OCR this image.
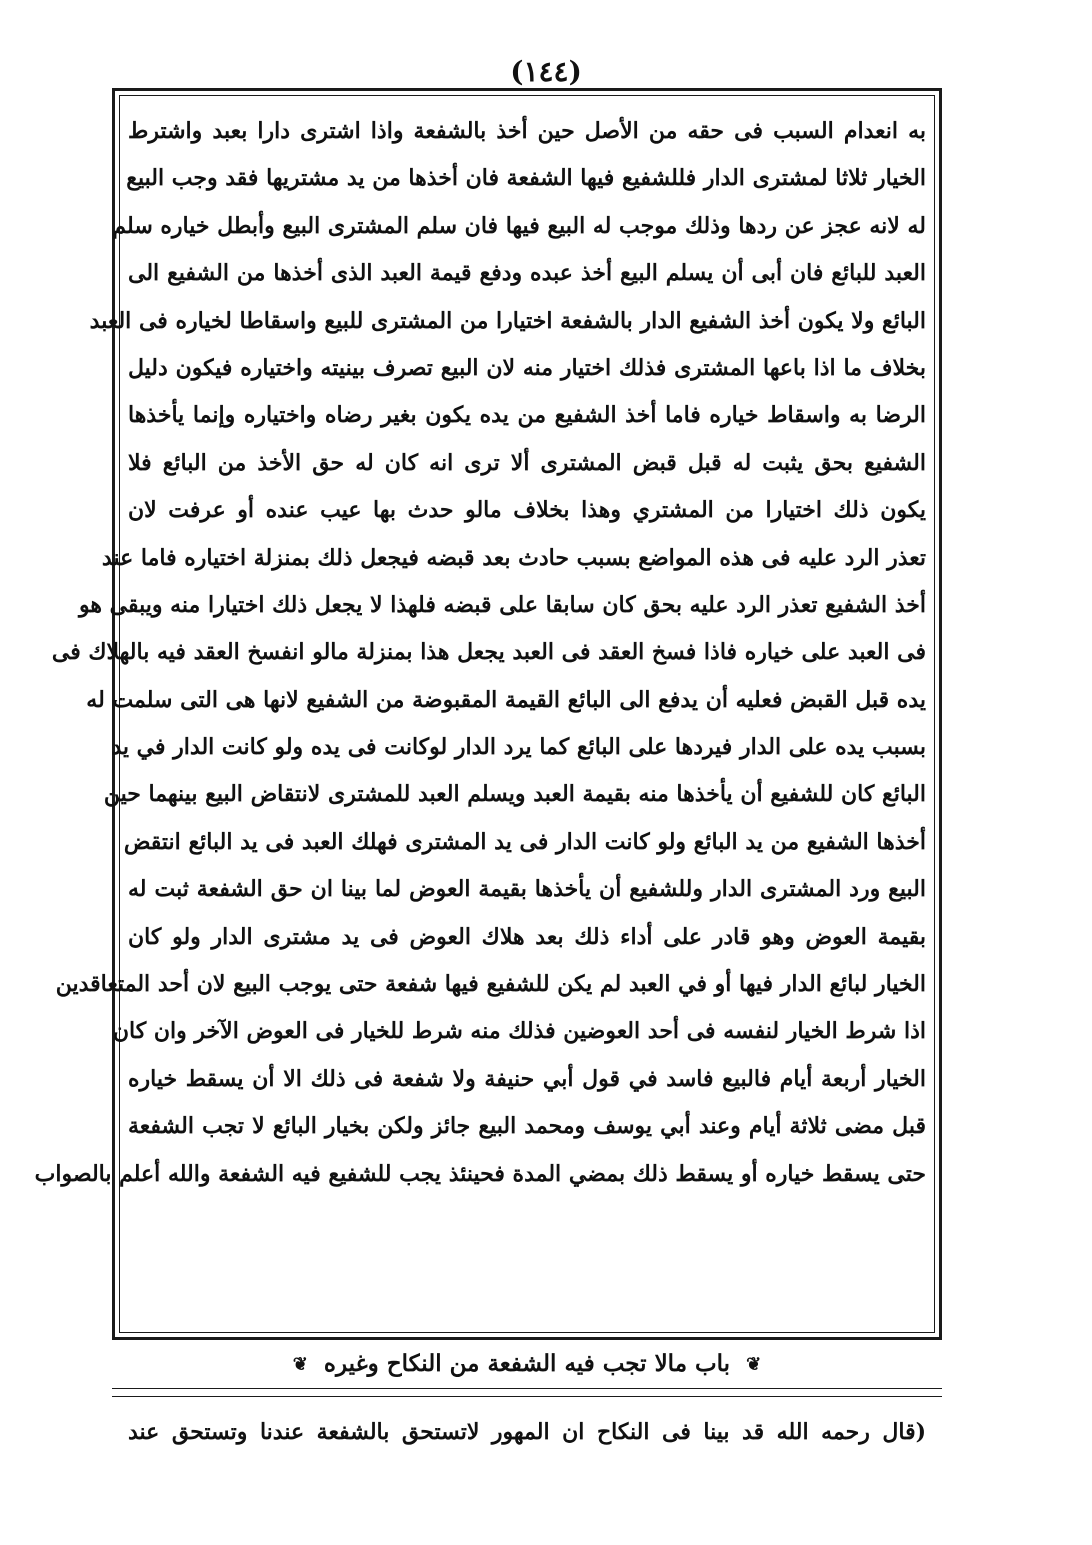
(١٤٤)
به انعدام السبب فى حقه من الأصل حين أخذ بالشفعة واذا اشترى دارا بعبد واشترط
الخيار ثلاثا لمشترى الدار فللشفيع فيها الشفعة فان أخذها من يد مشتريها فقد وجب البيع
له لانه عجز عن ردها وذلك موجب له البيع فيها فان سلم المشترى البيع وأبطل خياره سلم
العبد للبائع فان أبى أن يسلم البيع أخذ عبده ودفع قيمة العبد الذى أخذها من الشفيع الى
البائع ولا يكون أخذ الشفيع الدار بالشفعة اختيارا من المشترى للبيع واسقاطا لخياره فى العبد
بخلاف ما اذا باعها المشترى فذلك اختيار منه لان البيع تصرف بينيته واختياره فيكون دليل
الرضا به واسقاط خياره فاما أخذ الشفيع من يده يكون بغير رضاه واختياره وإنما يأخذها
الشفيع بحق يثبت له قبل قبض المشترى ألا ترى انه كان له حق الأخذ من البائع فلا
يكون ذلك اختيارا من المشتري وهذا بخلاف مالو حدث بها عيب عنده أو عرفت لان
تعذر الرد عليه فى هذه المواضع بسبب حادث بعد قبضه فيجعل ذلك بمنزلة اختياره فاما عند
أخذ الشفيع تعذر الرد عليه بحق كان سابقا على قبضه فلهذا لا يجعل ذلك اختيارا منه ويبقى هو
فى العبد على خياره فاذا فسخ العقد فى العبد يجعل هذا بمنزلة مالو انفسخ العقد فيه بالهلاك فى
يده قبل القبض فعليه أن يدفع الى البائع القيمة المقبوضة من الشفيع لانها هى التى سلمت له
بسبب يده على الدار فيردها على البائع كما يرد الدار لوكانت فى يده ولو كانت الدار في يد
البائع كان للشفيع أن يأخذها منه بقيمة العبد ويسلم العبد للمشترى لانتقاض البيع بينهما حين
أخذها الشفيع من يد البائع ولو كانت الدار فى يد المشترى فهلك العبد فى يد البائع انتقض
البيع ورد المشترى الدار وللشفيع أن يأخذها بقيمة العوض لما بينا ان حق الشفعة ثبت له
بقيمة العوض وهو قادر على أداء ذلك بعد هلاك العوض فى يد مشترى الدار ولو كان
الخيار لبائع الدار فيها أو في العبد لم يكن للشفيع فيها شفعة حتى يوجب البيع لان أحد المتعاقدين
اذا شرط الخيار لنفسه فى أحد العوضين فذلك منه شرط للخيار فى العوض الآخر وان كان
الخيار أربعة أيام فالبيع فاسد في قول أبي حنيفة ولا شفعة فى ذلك الا أن يسقط خياره
قبل مضى ثلاثة أيام وعند أبي يوسف ومحمد البيع جائز ولكن بخيار البائع لا تجب الشفعة
حتى يسقط خياره أو يسقط ذلك بمضي المدة فحينئذ يجب للشفيع فيه الشفعة والله أعلم بالصواب
❦ باب مالا تجب فيه الشفعة من النكاح وغيره ❦
(قال رحمه الله قد بينا فى النكاح ان المهور لاتستحق بالشفعة عندنا وتستحق عند
